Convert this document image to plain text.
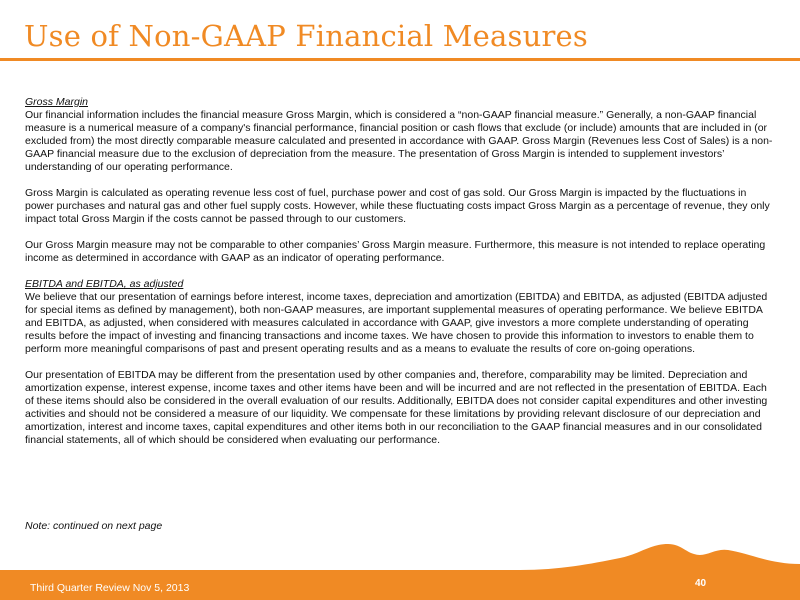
Use of Non-GAAP Financial Measures

Gross Margin

Our financial information includes the financial measure Gross Margin, which is considered a “non-GAAP financial measure.” Generally, a non-GAAP financial measure is a numerical measure of a company's financial performance, financial position or cash flows that exclude (or include) amounts that are included in (or excluded from) the most directly comparable measure calculated and presented in accordance with GAAP. Gross Margin (Revenues less Cost of Sales) is a non-GAAP financial measure due to the exclusion of depreciation from the measure. The presentation of Gross Margin is intended to supplement investors’ understanding of our operating performance.

Gross Margin is calculated as operating revenue less cost of fuel, purchase power and cost of gas sold. Our Gross Margin is impacted by the fluctuations in power purchases and natural gas and other fuel supply costs. However, while these fluctuating costs impact Gross Margin as a percentage of revenue, they only impact total Gross Margin if the costs cannot be passed through to our customers.

Our Gross Margin measure may not be comparable to other companies’ Gross Margin measure. Furthermore, this measure is not intended to replace operating income as determined in accordance with GAAP as an indicator of operating performance.

EBITDA and EBITDA, as adjusted

We believe that our presentation of earnings before interest, income taxes, depreciation and amortization (EBITDA) and EBITDA, as adjusted (EBITDA adjusted for special items as defined by management), both non-GAAP measures, are important supplemental measures of operating performance. We believe EBITDA and EBITDA, as adjusted, when considered with measures calculated in accordance with GAAP, give investors a more complete understanding of operating results before the impact of investing and financing transactions and income taxes. We have chosen to provide this information to investors to enable them to perform more meaningful comparisons of past and present operating results and as a means to evaluate the results of core on-going operations.

Our presentation of EBITDA may be different from the presentation used by other companies and, therefore, comparability may be limited. Depreciation and amortization expense, interest expense, income taxes and other items have been and will be incurred and are not reflected in the presentation of EBITDA. Each of these items should also be considered in the overall evaluation of our results. Additionally, EBITDA does not consider capital expenditures and other investing activities and should not be considered a measure of our liquidity. We compensate for these limitations by providing relevant disclosure of our depreciation and amortization, interest and income taxes, capital expenditures and other items both in our reconciliation to the GAAP financial measures and in our consolidated financial statements, all of which should be considered when evaluating our performance.

Note: continued on next page
Third Quarter Review Nov 5, 2013	40
